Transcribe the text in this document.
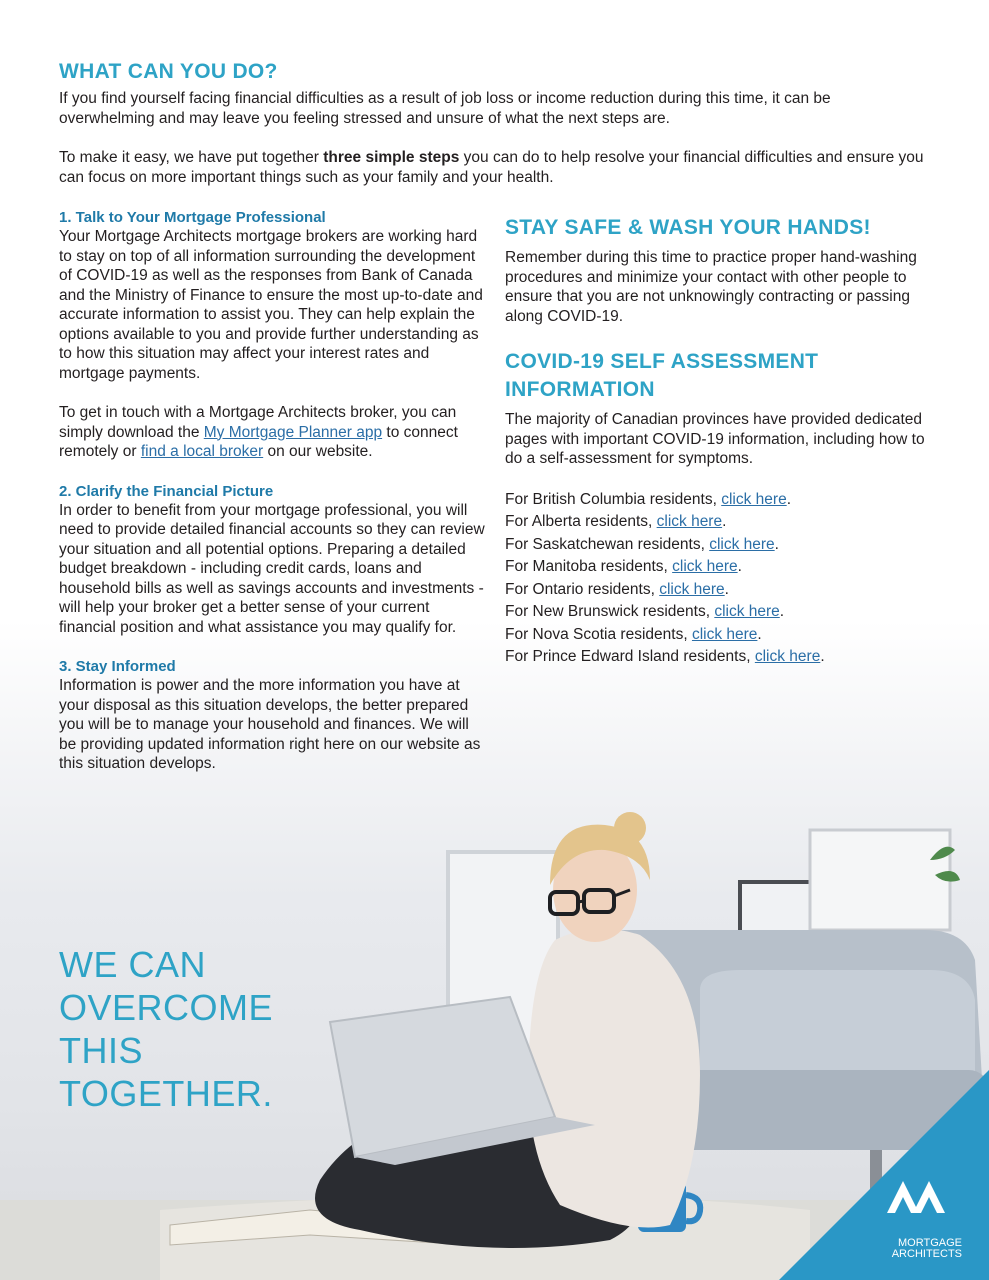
MORTGAGE
ARCHITECTS
WHAT CAN YOU DO?

If you find yourself facing financial difficulties as a result of job loss or income reduction during this time, it can be overwhelming and may leave you feeling stressed and unsure of what the next steps are.

To make it easy, we have put together three simple steps you can do to help resolve your financial difficulties and ensure you can focus on more important things such as your family and your health.

1. Talk to Your Mortgage Professional

Your Mortgage Architects mortgage brokers are working hard to stay on top of all information surrounding the development of COVID-19 as well as the responses from Bank of Canada and the Ministry of Finance to ensure the most up-to-date and accurate information to assist you. They can help explain the options available to you and provide further understanding as to how this situation may affect your interest rates and mortgage payments.

To get in touch with a Mortgage Architects broker, you can simply download the My Mortgage Planner app to connect remotely or find a local broker on our website.

2. Clarify the Financial Picture

In order to benefit from your mortgage professional, you will need to provide detailed financial accounts so they can review your situation and all potential options. Preparing a detailed budget breakdown - including credit cards, loans and household bills as well as savings accounts and investments - will help your broker get a better sense of your current financial position and what assistance you may qualify for.

3. Stay Informed

Information is power and the more information you have at your disposal as this situation develops, the better prepared you will be to manage your household and finances. We will be providing updated information right here on our website as this situation develops.

STAY SAFE & WASH YOUR HANDS!

Remember during this time to practice proper hand-washing procedures and minimize your contact with other people to ensure that you are not unknowingly contracting or passing along COVID-19.

COVID-19 SELF ASSESSMENT INFORMATION

The majority of Canadian provinces have provided dedicated pages with important COVID-19 information, including how to do a self-assessment for symptoms.

For British Columbia residents, click here.
For Alberta residents, click here.
For Saskatchewan residents, click here.
For Manitoba residents, click here.
For Ontario residents, click here.
For New Brunswick residents, click here.
For Nova Scotia residents, click here.
For Prince Edward Island residents, click here.
WE CAN
OVERCOME
THIS
TOGETHER.
